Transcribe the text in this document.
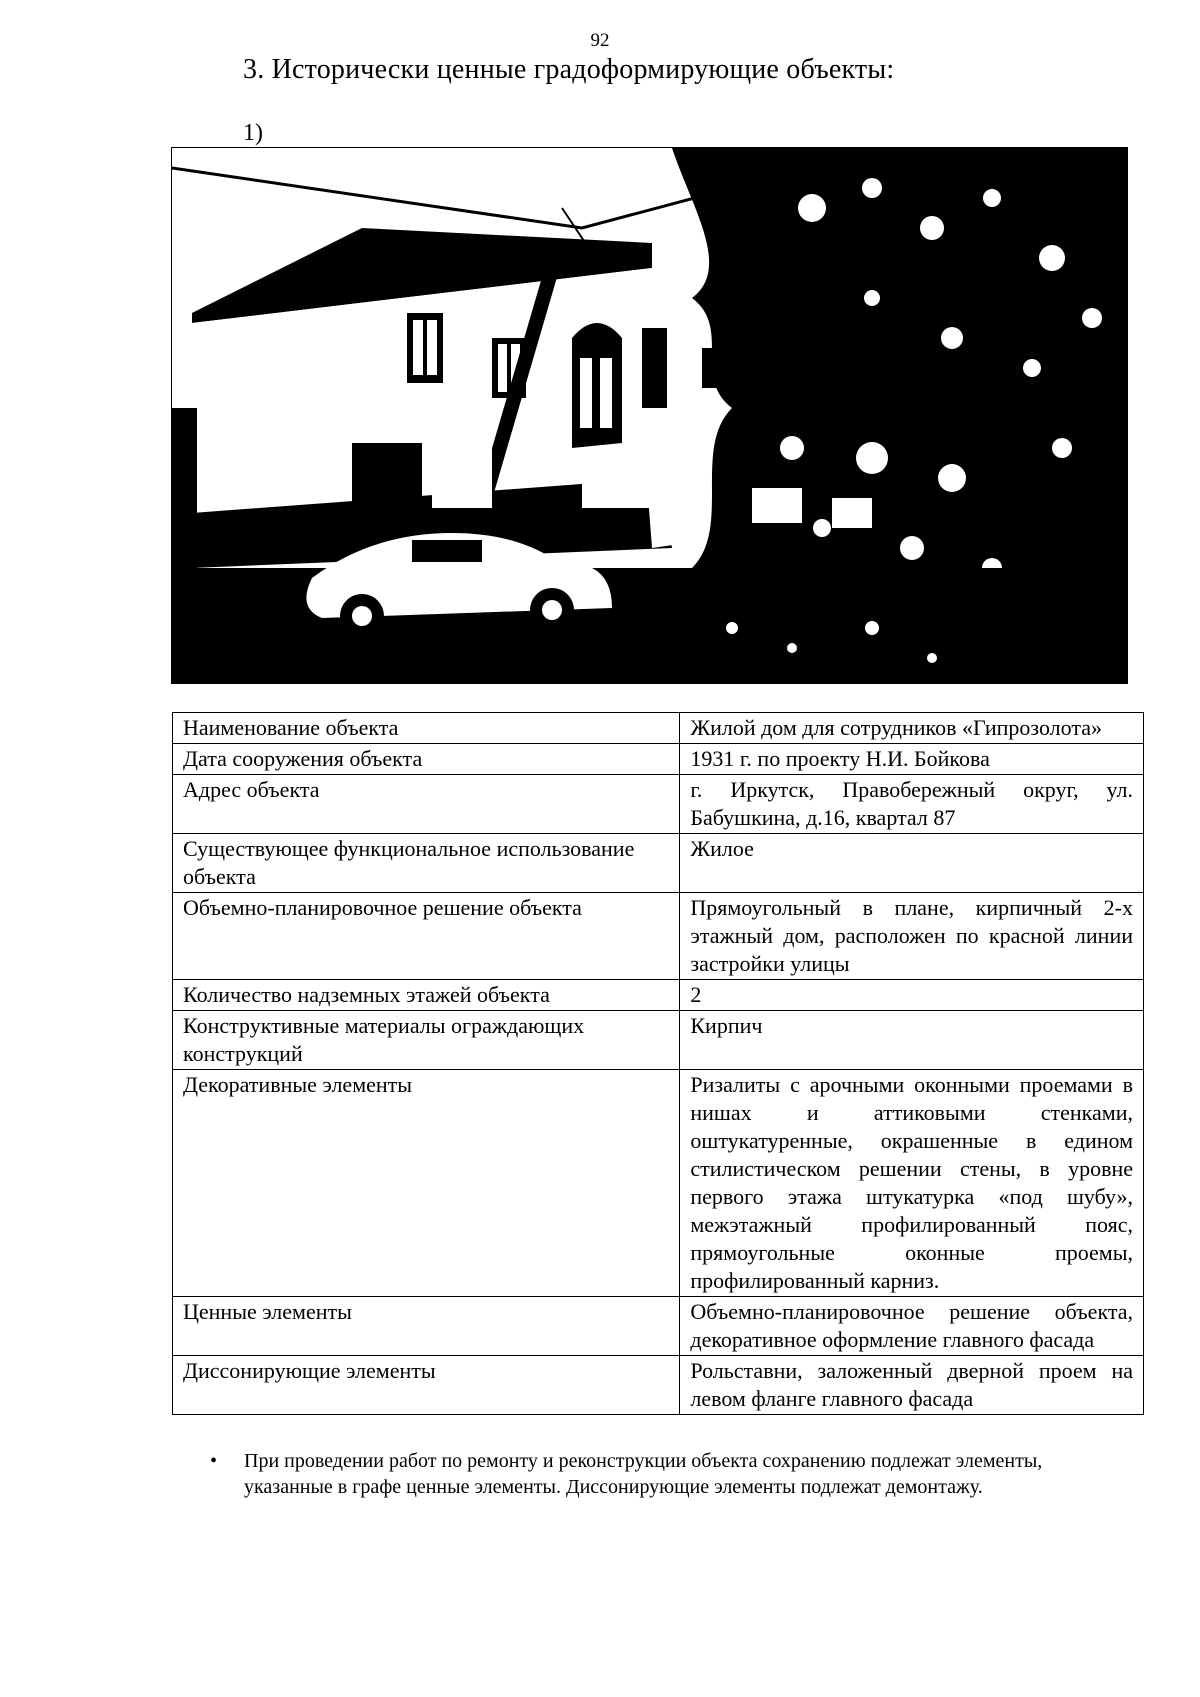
92
3. Исторически ценные градоформирующие объекты:
1)
Наименование объекта	Жилой дом для сотрудников «Гипрозолота»
Дата сооружения объекта	1931 г. по проекту Н.И. Бойкова
Адрес объекта	г. Иркутск, Правобережный округ, ул. Бабушкина, д.16, квартал 87
Существующее функциональное использование объекта	Жилое
Объемно-планировочное решение объекта	Прямоугольный в плане, кирпичный 2-х этажный дом, расположен по красной линии застройки улицы
Количество надземных этажей объекта	2
Конструктивные материалы ограждающих конструкций	Кирпич
Декоративные элементы	Ризалиты с арочными оконными проемами в нишах и аттиковыми стенками, оштукатуренные, окрашенные в едином стилистическом решении стены, в уровне первого этажа штукатурка «под шубу», межэтажный профилированный пояс, прямоугольные оконные проемы, профилированный карниз.
Ценные элементы	Объемно-планировочное решение объекта, декоративное оформление главного фасада
Диссонирующие элементы	Рольставни, заложенный дверной проем на левом фланге главного фасада
• При проведении работ по ремонту и реконструкции объекта сохранению подлежат элементы, указанные в графе ценные элементы. Диссонирующие элементы подлежат демонтажу.
